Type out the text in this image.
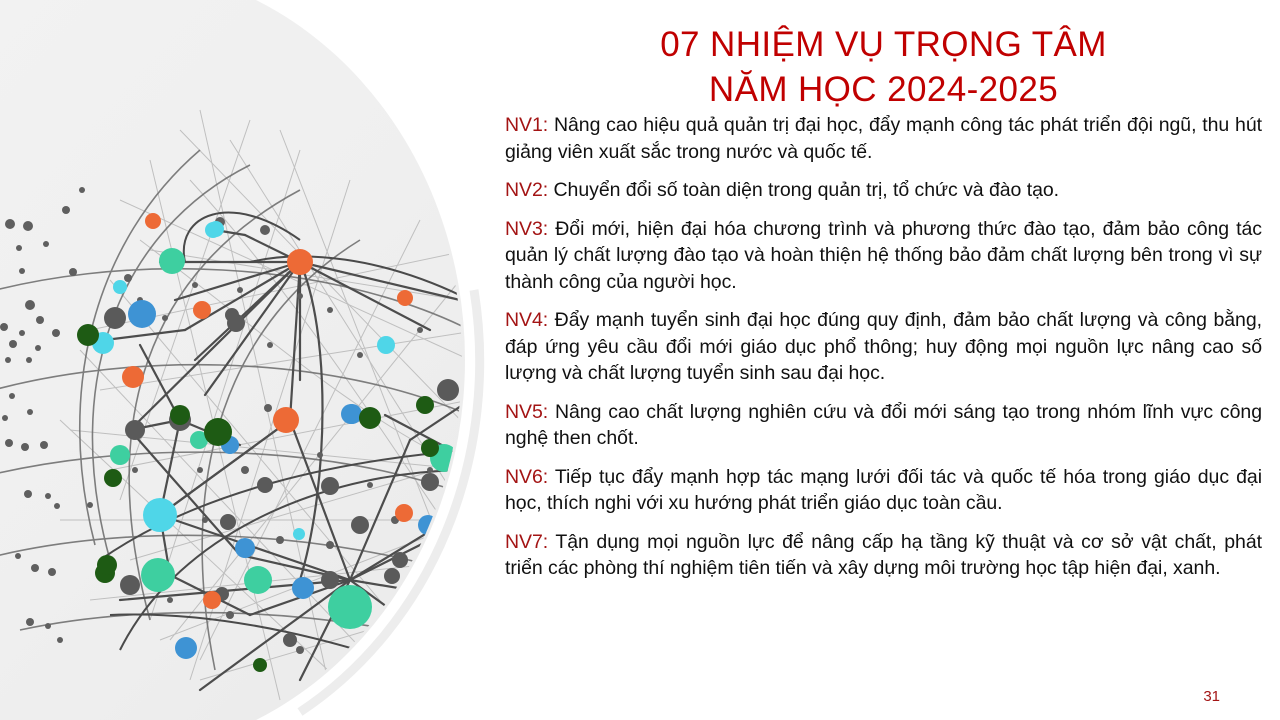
07 NHIỆM VỤ TRỌNG TÂM
NĂM HỌC 2024-2025

NV1: Nâng cao hiệu quả quản trị đại học, đẩy mạnh công tác phát triển đội ngũ, thu hút giảng viên xuất sắc trong nước và quốc tế.

NV2: Chuyển đổi số toàn diện trong quản trị, tổ chức và đào tạo.

NV3: Đổi mới, hiện đại hóa chương trình và phương thức đào tạo, đảm bảo công tác quản lý chất lượng đào tạo và hoàn thiện hệ thống bảo đảm chất lượng bên trong vì sự thành công của người học.

NV4: Đẩy mạnh tuyển sinh đại học đúng quy định, đảm bảo chất lượng và công bằng, đáp ứng yêu cầu đổi mới giáo dục phổ thông; huy động mọi nguồn lực nâng cao số lượng và chất lượng tuyển sinh sau đại học.

NV5: Nâng cao chất lượng nghiên cứu và đổi mới sáng tạo trong nhóm lĩnh vực công nghệ then chốt.

NV6: Tiếp tục đẩy mạnh hợp tác mạng lưới đối tác và quốc tế hóa trong giáo dục đại học, thích nghi với xu hướng phát triển giáo dục toàn cầu.

NV7: Tận dụng mọi nguồn lực để nâng cấp hạ tầng kỹ thuật và cơ sở vật chất, phát triển các phòng thí nghiệm tiên tiến và xây dựng môi trường học tập hiện đại, xanh.

31
